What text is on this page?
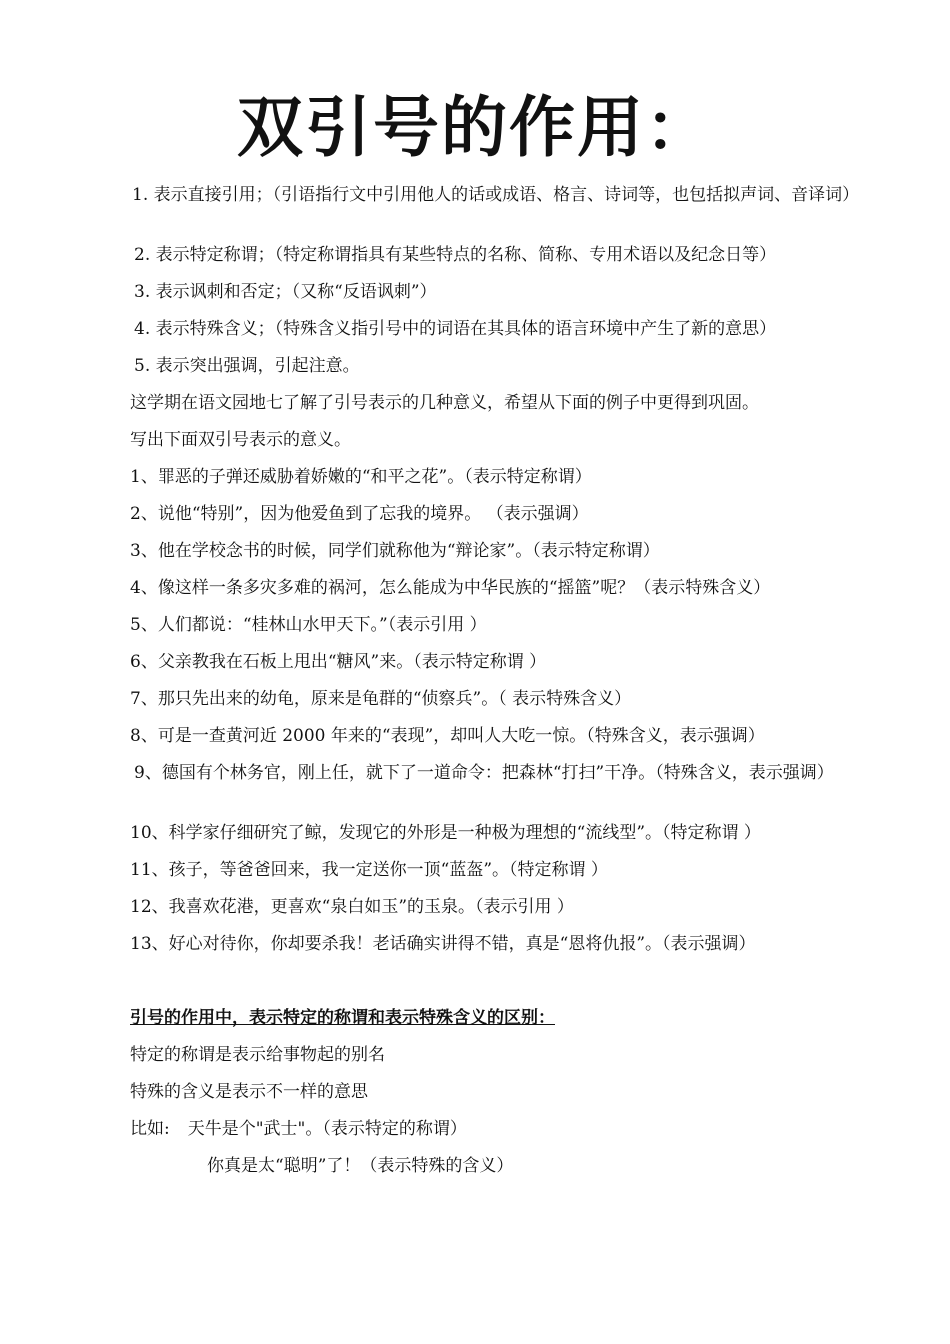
双引号的作用：
1. 表示直接引用；（引语指行文中引用他人的话或成语、格言、诗词等，也包括拟声词、音译词）
2. 表示特定称谓；（特定称谓指具有某些特点的名称、简称、专用术语以及纪念日等）
3. 表示讽刺和否定；（又称“反语讽刺”）
4. 表示特殊含义；（特殊含义指引号中的词语在其具体的语言环境中产生了新的意思）
5. 表示突出强调，引起注意。
这学期在语文园地七了解了引号表示的几种意义，希望从下面的例子中更得到巩固。
写出下面双引号表示的意义。
1、罪恶的子弹还威胁着娇嫩的“和平之花”。（表示特定称谓）
2、说他“特别”，因为他爱鱼到了忘我的境界。 （表示强调）
3、他在学校念书的时候，同学们就称他为“辩论家”。（表示特定称谓）
4、像这样一条多灾多难的祸河，怎么能成为中华民族的“摇篮”呢？（表示特殊含义）
5、人们都说：“桂林山水甲天下。”（表示引用 ）
6、父亲教我在石板上甩出“糖风”来。（表示特定称谓 ）
7、那只先出来的幼龟，原来是龟群的“侦察兵”。（ 表示特殊含义）
8、可是一查黄河近 2000 年来的“表现”，却叫人大吃一惊。（特殊含义，表示强调）
9、德国有个林务官，刚上任，就下了一道命令：把森林“打扫”干净。（特殊含义，表示强调）
10、科学家仔细研究了鲸，发现它的外形是一种极为理想的“流线型”。（特定称谓 ）
11、孩子，等爸爸回来，我一定送你一顶“蓝盔”。（特定称谓 ）
12、我喜欢花港，更喜欢“泉白如玉”的玉泉。（表示引用 ）
13、好心对待你，你却要杀我！老话确实讲得不错，真是“恩将仇报”。（表示强调）
引号的作用中，表示特定的称谓和表示特殊含义的区别：
特定的称谓是表示给事物起的别名
特殊的含义是表示不一样的意思
比如: 天牛是个"武士"。（表示特定的称谓）
你真是太“聪明”了！（表示特殊的含义）
